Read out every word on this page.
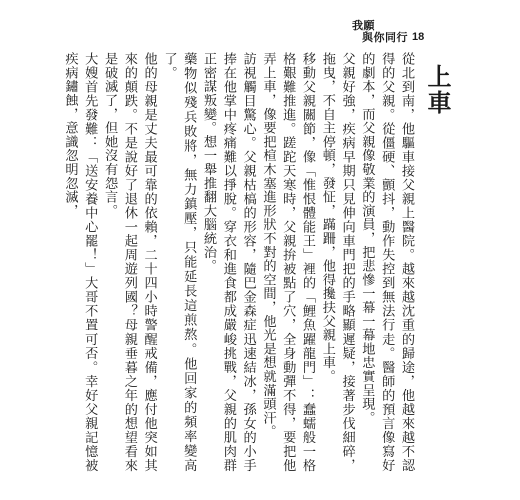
我願
與你同行 18
上車

從北到南，他驅車接父親上醫院。越來越沈重的歸途，他越來越不認得的父親。從僵硬、顫抖，動作失控到無法行走。醫師的預言像寫好的劇本，而父親像敬業的演員，把悲慘一幕一幕地忠實呈現。

父親好強，疾病早期只見伸向車門把的手略顯遲疑，接著步伐細碎，拖曳，不自主停頓，發怔，蹣跚，他得攙扶父親上車。

移動父親關節，像「惟恨體能王」裡的「鯉魚躍龍門」：蠢蠕般一格格艱難推進。蹉跎天寒時，父親拚被點了穴，全身動彈不得，要把他弄上車，像要把楦木塞進形狀不對的空間，他光是想就滿頭汗。

訪視觸目驚心。父親枯槁的形容，隨巴金森症迅速結冰，孫女的小手捧在他掌中疼痛難以掙脫。穿衣和進食都成嚴峻挑戰，父親的肌肉群正密謀叛變。想一舉推翻大腦統治。

藥物似殘兵敗將，無力鎮壓，只能延長這煎熬。他回家的頻率變高了。

他的母親是丈夫最可靠的依賴，二十四小時警醒戒備，應付他突如其來的顛跌。不是說好了退休一起周遊列國？母親垂暮之年的想望看來是破滅了，但她沒有怨言。

大嫂首先發難：「送安養中心罷！」大哥不置可否。幸好父親記憶被疾病鏽蝕，意識忽明忽滅，
